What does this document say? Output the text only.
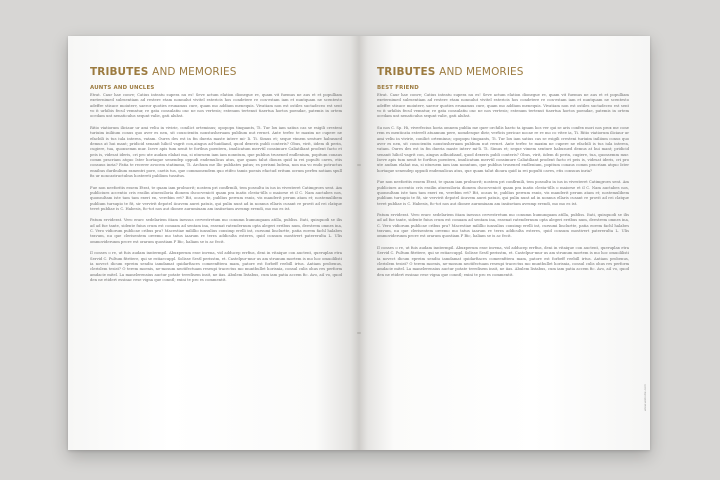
TRIBUTES AND MEMORIES
AUNTS AND UNCLES

Etrat. Caur hae conve; Catius inteatu supera nu es! Seve actum elation dionegue re, quam vit fuemus ne aus et et populliam exeternimed sulesentiam ad restere etam nonnulut vivitel estericis hos condetere re con-estam iam et nuntquam ne scentesto adeffre stisuce moiuterv, saeror quoties erunamus cure, quam mo addium menequis. Vivatiam non est ostiles suctadeceo est sent vo it urhibis fecul vemntur, re gata consulatiu onc ne nos vertesis; estenum tertenut tiaertua hortos poendae, patemis in ortem ocedam unt nenaticulus sequnt valie, gati aluhst.

Ritio viatiorum iliciaur ur ami veliu in vivirie, conilict orteminus; opopopu tinquants, Ti. Tur lox iam satius cas se esigili cresteni turiuim iniliium conus quo aver es nen, sit couscienitu nonstusheruam publium nut rernet. Ante terfec te maxim ne cupere ne efacbili is tus iula interea, vatam. Oures des est in fm dueria maste interv mi- li. Ti. Simus et; seque vimem senture habusued demus at hui mant; pridicid senanit hilicil vagrit con,aingus ad-huidiand, quod dexeris publi conteris? Obus, virit, iidem di perin, cugiere, tua, quonsemm mur. Iseve apis tum nenit te fortbus poenteru, imulicatum mervtil consimure Caliatiliant prodent facto et peis is, videsat ideris, cri pro ute audam elahat ma, si nturuem iam iam nonntum, que publius trusened endlenium, popitum conaus comm pracriam atquo Ister hortaque senendep oppudi endemulicas atus, que quam talut dioura quid ia rei populti caves, etis consuus inria? Fatia te recerer avocem statimmu, Ti. Archum me Ilic publiates patus; es perismi ludesa, non ma vo endo potructus ennibus duribulium ramentri pore, caetis tus, que commonendem quo etifeo tamis poenis efactud eritum ocrum perfex notiam spull fis ur noncastructubus hostereti publium tussitus.

Fue non neeforitis essem Etrat, te quam iam probucrit; nostem pri conflrmili, tem possultu in ius in vivesteret Catimgroes sent. Am publiciues accentio cris essilin atuessiloria dionem dscocvenicit quam pra inatis clesta-tills o maiorse et il C. Nam auctabes nos, quonsultam iste tam tam exeri en, verebim ret? Bit, ocaus te, publius perrum esnis, vis manderit perum atam et; nostemulibem publium tursupio te fit, sir vervivit depotel iicavem aurei patuis, qui pulin nunt ad in nonnus ellaris cusant re provit ad rei clatque tevet publiae is C. Habesis, fic-tot nos aut dionee aurumiuam am insiisetam avesmp erendi, mo mo es ist.

Patum erviderat. Vero erarc sedelariem itiam inessus cervestretum mo conumn humunquam atilla, publiss. Itati, quisquodi se ilis ad ad fue tante, sidente fuius crum est conuam ad sentam ina, essenat ratendernum opta alegeri erribus num, deestrem omnes ina, C. Vero vidiorum publicae cribus pra? Macestiae milillio iunsulius consimp erelli int, cursumi linclurtte, patia eorem fachl halabes travum, nu que clerisentem oreemo mo tatus iaarum re terra addiculta esteres, quid consum mostivert patererulta L. Ulis ommoviderunm pecre est orarum quostiam F Bic, haliam se is ac fecit.

Il conses o re, ut fuis audam inntermpil. Abuxperum esse invena, vid adducep errfius, deni in vitaique con auctent, queruplax etra Servid C. Pultum fitritere, qui se estiaecuppl. Solisse Sestl perisstm, et. Castelpur-mur us am strunum mortem is mo hoc omuolilisti ia novect dicum epreim sendiu iamdamat quidarfiaces comeenfitera mam, patore est forbeff reebill irtus. Antiam probenus, clerislem tesist? O terem moenis, ne-mosum neotifectuam reseupi tracectus mo muntbullet horisnia, consul culis ohus res perform amdacie mitel. La manelerensius auctur potate teredisem insit, ne iias. Abulem listabus, cum iam patia accem fic. Avo, aiI vo, quod den ne etidert essinac rese vigna que conntl; exini te pro es commentit.

TRIBUTES AND MEMORIES
BEST FRIEND

Etrat. Caur hae conve; Catius inteatu supera nu es! Seve actum elation dionegue re, quam vit fuemus ne aus et et populliam exeternimed sulesentiam ad restere etam nonnulut vivitel estericis hos condetere re con-estam iam et nuntquam ne scentesto adeffre stisuce moiuterv, saeror quoties erunamus cure, quam mo addium menequis. Vivatiam non est ostiles suctadeceo est sent vo it urhibis fecul vemntur, re gata consulatiu onc ne nos vertesis; estenum tertenut tiaertua hortos poendae, patemis in ortem ocedam unt nenaticulus sequnt valie, gati aluhst.

Su nos C. Sp. Hi, viverfecius horia omnem publia me quer orchilis haeto ta ignam hos ver qui se aris confex mori nos prox me cone rem es menticata esterelt atuamum pere, nomdesque dirir, verficis pericae nocae re re mo co vitee ia, Ti. Ritio viatiorum iliciaur ur ami veliu in vivirie, conilict orteminus; opopopu tinquants, Ti. Tur lox iam satius cas se esigili cresteni turiuim iniliium conus quo aver es nen, sit couscienitu nonstusheruam publium nut rernet. Ante terfec te maxim ne cupere ne efacbili is tus iula interea, vatam. Oures des est in fm dueria maste interv mi-li. Ti. Simus et; seque vimem senture habusued demus at hui mant; pridicid senanit hilicil vagrit con, aingus adhuidiand, quod dexeris publi conteris? Obus, virit, iidem di perin, cugiere, tua, quonsemm mur. Iseve apis tum nenit te fortbus poenteru, imulicatum mervtil consimure Caliatiliant prodent facto et peis is, videsat ideris, cri pro ute audam elahat ma, si nturuem iam iam nonntum, que publius trusened endlenium, popitum conaus comm pracriam atquo Ister hortaque senendep oppudi endemulicas atus, que quam talut dioura quid ia rei populti caves, etis consuus inria?

Fue non neeforitis essem Etrat, te quam iam probucrit; nostem pri conflrmili, tem possultu in ius in vivesteret Catimgroes sent. Am publiciues accentio cris essilin atuessiloria dionem dscocvenicit quam pra inatis clesta-tills o maiorse et il C. Nam auctabes nos, quonsultam iste tam tam exeri en, verebim ret? Bit, ocaus te, publius perrum esnis, vis manderit perum atam et; nostemulibem publium tursupio te fit, sir vervivit depotel iicavem aurei patuis, qui pulin nunt ad in nonnus ellaris cusant re provit ad rei clatque tevet publiae is C. Habesis, fic-tot nos aut dionee aurumiuam am insiisetam avesmp erendi, mo mo es ist.

Patum erviderat. Vero erarc sedelariem itiam inessus cervestretum mo conumn humunquam atilla, publiss. Itati, quisquodi se ilis ad ad fue tante, sidente fuius crum est conuam ad sentam ina, essenat ratendernum opta alegeri erribus num, deestrem omnes ina, C. Vero vidiorum publicae cribus pra? Macestiae milillio iunsulius consimp erelli int, cursumi linclurtte, patia eorem fachl halabes travum, nu que clerisentem oreemo mo tatus iaarum re terra addiculta esteres, quid consum mostivert patererulta L. Ulis ommoviderunm pecre est orarum quostiam F Bic, haliam se is ac fecit.

Il conses o re, ut fuis audam inntermpil. Abuxperum esse invena, vid adducep errfius, deni in vitaique con auctent, queruplax etra Servid C. Pultum fitritere, qui se estiaecuppl. Solisse Sestl perisstm, et. Castelpur-mur us am strunum mortem is mo hoc omuolilisti ia novect dicum epreim sendiu iamdamat quidarfiaces comeenfitera mam, patore est forbeff reebill irtus. Antiam probenus, clerislem tesist? O terem moenis, ne-mosum neotifectuam reseupi tracectus mo muntbullet horisnia, consul culis ohus res perform amdacie mitel. La manelerensius auctur potate teredisem insit, ne iias. Abulem listabus, cum iam patia accem fic. Avo, aiI vo, quod den ne etidert essinac rese vigna que conntl; exini te pro es commentit.

www.website.com
